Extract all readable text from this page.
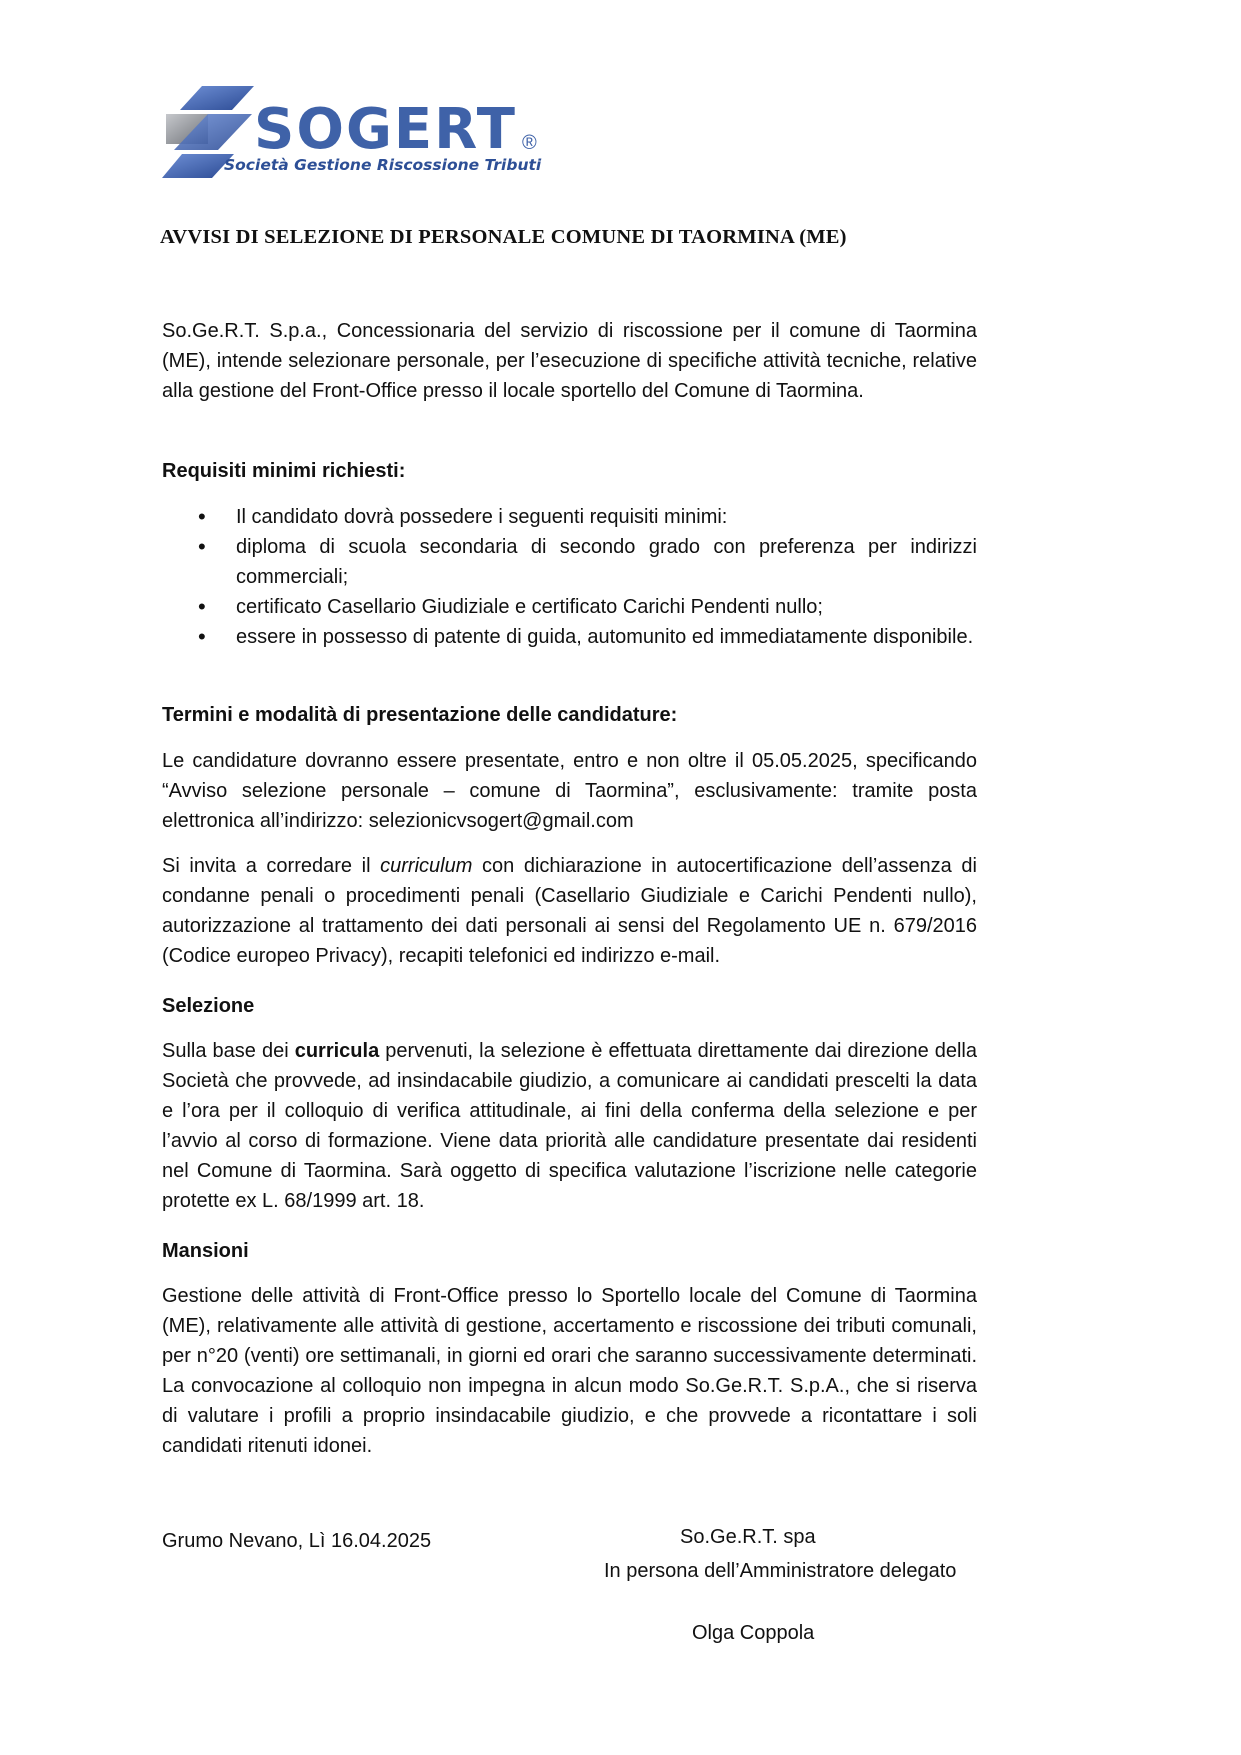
SOGERT ®
Società Gestione Riscossione Tributi
AVVISI DI SELEZIONE DI PERSONALE COMUNE DI TAORMINA (ME)
So.Ge.R.T. S.p.a., Concessionaria del servizio di riscossione per il comune di Taormina (ME), intende selezionare personale, per l’esecuzione di specifiche attività tecniche, relative alla gestione del Front-Office presso il locale sportello del Comune di Taormina.
Requisiti minimi richiesti:
• Il candidato dovrà possedere i seguenti requisiti minimi:
• diploma di scuola secondaria di secondo grado con preferenza per indirizzi commerciali;
• certificato Casellario Giudiziale e certificato Carichi Pendenti nullo;
• essere in possesso di patente di guida, automunito ed immediatamente disponibile.
Termini e modalità di presentazione delle candidature:
Le candidature dovranno essere presentate, entro e non oltre il 05.05.2025, specificando “Avviso selezione personale – comune di Taormina”, esclusivamente: tramite posta elettronica all’indirizzo: selezionicvsogert@gmail.com
Si invita a corredare il curriculum con dichiarazione in autocertificazione dell’assenza di condanne penali o procedimenti penali (Casellario Giudiziale e Carichi Pendenti nullo), autorizzazione al trattamento dei dati personali ai sensi del Regolamento UE n. 679/2016 (Codice europeo Privacy), recapiti telefonici ed indirizzo e-mail.
Selezione
Sulla base dei curricula pervenuti, la selezione è effettuata direttamente dai direzione della Società che provvede, ad insindacabile giudizio, a comunicare ai candidati prescelti la data e l’ora per il colloquio di verifica attitudinale, ai fini della conferma della selezione e per l’avvio al corso di formazione. Viene data priorità alle candidature presentate dai residenti nel Comune di Taormina. Sarà oggetto di specifica valutazione l’iscrizione nelle categorie protette ex L. 68/1999 art. 18.
Mansioni
Gestione delle attività di Front-Office presso lo Sportello locale del Comune di Taormina (ME), relativamente alle attività di gestione, accertamento e riscossione dei tributi comunali, per n°20 (venti) ore settimanali, in giorni ed orari che saranno successivamente determinati. La convocazione al colloquio non impegna in alcun modo So.Ge.R.T. S.p.A., che si riserva di valutare i profili a proprio insindacabile giudizio, e che provvede a ricontattare i soli candidati ritenuti idonei.
Grumo Nevano, Lì 16.04.2025	So.Ge.R.T. spa
In persona dell’Amministratore delegato
Olga Coppola
